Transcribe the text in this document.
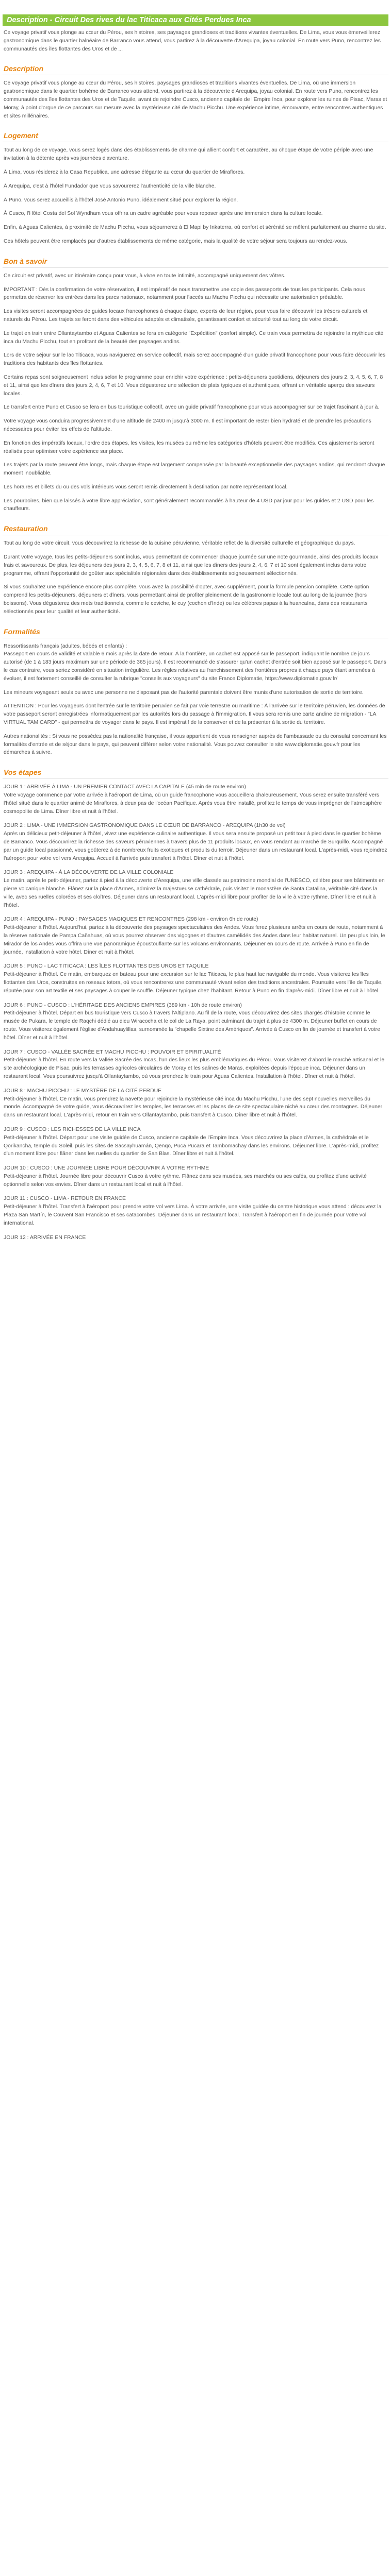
Description - Circuit Des rives du lac Titicaca aux Cités Perdues Inca

Ce voyage privatif vous plonge au cœur du Pérou, ses histoires, ses paysages grandioses et traditions vivantes éventuelles. De Lima, vous vous émerveillerez gastronomique dans le quartier balnéaire de Barranco vous attend, vous partirez à la découverte d'Arequipa, joyau colonial. En route vers Puno, rencontrez les communautés des îles flottantes des Uros et de ...

Description

Ce voyage privatif vous plonge au cœur du Pérou, ses histoires, paysages grandioses et traditions vivantes éventuelles. De Lima, où une immersion gastronomique dans le quartier bohème de Barranco vous attend, vous partirez à la découverte d'Arequipa, joyau colonial. En route vers Puno, rencontrez les communautés des îles flottantes des Uros et de Taquile, avant de rejoindre Cusco, ancienne capitale de l'Empire Inca, pour explorer les ruines de Pisac, Maras et Moray, à point d'orgue de ce parcours sur mesure avec la mystérieuse cité de Machu Picchu. Une expérience intime, émouvante, entre rencontres authentiques et sites millénaires.

Logement

Tout au long de ce voyage, vous serez logés dans des établissements de charme qui allient confort et caractère, au choque étape de votre périple avec une invitation à la détente après vos journées d'aventure.

À Lima, vous résiderez à la Casa Republica, une adresse élégante au cœur du quartier de Miraflores.

À Arequipa, c'est à l'hôtel Fundador que vous savourerez l'authenticité de la ville blanche.

À Puno, vous serez accueillis à l'hôtel José Antonio Puno, idéalement situé pour explorer la région.

À Cusco, l'Hôtel Costa del Sol Wyndham vous offrira un cadre agréable pour vous reposer après une immersion dans la culture locale.

Enfin, à Aguas Calientes, à proximité de Machu Picchu, vous séjournerez à El Mapi by Inkaterra, où confort et sérénité se mêlent parfaitement au charme du site.

Ces hôtels peuvent être remplacés par d'autres établissements de même catégorie, mais la qualité de votre séjour sera toujours au rendez-vous.

Bon à savoir

Ce circuit est privatif, avec un itinéraire conçu pour vous, à vivre en toute intimité, accompagné uniquement des vôtres.

IMPORTANT : Dès la confirmation de votre réservation, il est impératif de nous transmettre une copie des passeports de tous les participants. Cela nous permettra de réserver les entrées dans les parcs nationaux, notamment pour l'accès au Machu Picchu qui nécessite une autorisation préalable.

Les visites seront accompagnées de guides locaux francophones à chaque étape, experts de leur région, pour vous faire découvrir les trésors culturels et naturels du Pérou. Les trajets se feront dans des véhicules adaptés et climatisés, garantissant confort et sécurité tout au long de votre circuit.

Le trajet en train entre Ollantaytambo et Aguas Calientes se fera en catégorie "Expédition" (confort simple). Ce train vous permettra de rejoindre la mythique cité inca du Machu Picchu, tout en profitant de la beauté des paysages andins.

Lors de votre séjour sur le lac Titicaca, vous naviguerez en service collectif, mais serez accompagné d'un guide privatif francophone pour vous faire découvrir les traditions des habitants des îles flottantes.

Certains repas sont soigneusement inclus selon le programme pour enrichir votre expérience : petits-déjeuners quotidiens, déjeuners des jours 2, 3, 4, 5, 6, 7, 8 et 11, ainsi que les dîners des jours 2, 4, 6, 7 et 10. Vous dégusterez une sélection de plats typiques et authentiques, offrant un véritable aperçu des saveurs locales.

Le transfert entre Puno et Cusco se fera en bus touristique collectif, avec un guide privatif francophone pour vous accompagner sur ce trajet fascinant à jour à.

Votre voyage vous conduira progressivement d'une altitude de 2400 m jusqu'à 3000 m. Il est important de rester bien hydraté et de prendre les précautions nécessaires pour éviter les effets de l'altitude.

En fonction des impératifs locaux, l'ordre des étapes, les visites, les musées ou même les catégories d'hôtels peuvent être modifiés. Ces ajustements seront réalisés pour optimiser votre expérience sur place.

Les trajets par la route peuvent être longs, mais chaque étape est largement compensée par la beauté exceptionnelle des paysages andins, qui rendront chaque moment inoubliable.

Les horaires et billets du ou des vols intérieurs vous seront remis directement à destination par notre représentant local.

Les pourboires, bien que laissés à votre libre appréciation, sont généralement recommandés à hauteur de 4 USD par jour pour les guides et 2 USD pour les chauffeurs.

Restauration

Tout au long de votre circuit, vous découvrirez la richesse de la cuisine péruvienne, véritable reflet de la diversité culturelle et géographique du pays.

Durant votre voyage, tous les petits-déjeuners sont inclus, vous permettant de commencer chaque journée sur une note gourmande, ainsi des produits locaux frais et savoureux. De plus, les déjeuners des jours 2, 3, 4, 5, 6, 7, 8 et 11, ainsi que les dîners des jours 2, 4, 6, 7 et 10 sont également inclus dans votre programme, offrant l'opportunité de goûter aux spécialités régionales dans des établissements soigneusement sélectionnés.

Si vous souhaitez une expérience encore plus complète, vous avez la possibilité d'opter, avec supplément, pour la formule pension complète. Cette option comprend les petits-déjeuners, déjeuners et dîners, vous permettant ainsi de profiter pleinement de la gastronomie locale tout au long de la journée (hors boissons). Vous dégusterez des mets traditionnels, comme le ceviche, le cuy (cochon d'Inde) ou les célèbres papas à la huancaína, dans des restaurants sélectionnés pour leur qualité et leur authenticité.

Formalités

Ressortissants français (adultes, bébés et enfants) :
Passeport en cours de validité et valable 6 mois après la date de retour. À la frontière, un cachet est apposé sur le passeport, indiquant le nombre de jours autorisé (de 1 à 183 jours maximum sur une période de 365 jours). Il est recommandé de s'assurer qu'un cachet d'entrée soit bien apposé sur le passeport. Dans le cas contraire, vous seriez considéré en situation irrégulière. Les règles relatives au franchissement des frontières propres à chaque pays étant amenées à évoluer, il est fortement conseillé de consulter la rubrique "conseils aux voyageurs" du site France Diplomatie, https://www.diplomatie.gouv.fr/

Les mineurs voyageant seuls ou avec une personne ne disposant pas de l'autorité parentale doivent être munis d'une autorisation de sortie de territoire.

ATTENTION : Pour les voyageurs dont l'entrée sur le territoire peruvien se fait par voie terrestre ou maritime : À l'arrivée sur le territoire péruvien, les données de votre passeport seront enregistrées informatiquement par les autorités lors du passage à l'immigration. Il vous sera remis une carte andine de migration - "LA VIRTUAL TAM CARD" - qui permettra de voyager dans le pays. Il est impératif de la conserver et de la présenter à la sortie du territoire.

Autres nationalités : Si vous ne possédez pas la nationalité française, il vous appartient de vous renseigner auprès de l'ambassade ou du consulat concernant les formalités d'entrée et de séjour dans le pays, qui peuvent différer selon votre nationalité. Vous pouvez consulter le site www.diplomatie.gouv.fr pour les démarches à suivre.

Vos étapes
JOUR 1 : ARRIVÉE À LIMA - UN PREMIER CONTACT AVEC LA CAPITALE (45 min de route environ)
Votre voyage commence par votre arrivée à l'aéroport de Lima, où un guide francophone vous accueillera chaleureusement. Vous serez ensuite transféré vers l'hôtel situé dans le quartier animé de Miraflores, à deux pas de l'océan Pacifique. Après vous être installé, profitez le temps de vous imprégner de l'atmosphère cosmopolite de Lima. Dîner libre et nuit à l'hôtel.
JOUR 2 : LIMA - UNE IMMERSION GASTRONOMIQUE DANS LE CŒUR DE BARRANCO - AREQUIPA (1h30 de vol)
Après un délicieux petit-déjeuner à l'hôtel, vivez une expérience culinaire authentique. Il vous sera ensuite proposé un petit tour à pied dans le quartier bohème de Barranco. Vous découvrirez la richesse des saveurs péruviennes à travers plus de 11 produits locaux, en vous rendant au marché de Surquillo. Accompagné par un guide local passionné, vous goûterez à de nombreux fruits exotiques et produits du terroir. Déjeuner dans un restaurant local. L'après-midi, vous rejoindrez l'aéroport pour votre vol vers Arequipa. Accueil à l'arrivée puis transfert à l'hôtel. Dîner et nuit à l'hôtel.
JOUR 3 : AREQUIPA - À LA DÉCOUVERTE DE LA VILLE COLONIALE
Le matin, après le petit-déjeuner, partez à pied à la découverte d'Arequipa, une ville classée au patrimoine mondial de l'UNESCO, célèbre pour ses bâtiments en pierre volcanique blanche. Flânez sur la place d'Armes, admirez la majestueuse cathédrale, puis visitez le monastère de Santa Catalina, véritable cité dans la ville, avec ses ruelles colorées et ses cloîtres. Déjeuner dans un restaurant local. L'après-midi libre pour profiter de la ville à votre rythme. Dîner libre et nuit à l'hôtel.
JOUR 4 : AREQUIPA - PUNO : PAYSAGES MAGIQUES ET RENCONTRES (298 km - environ 6h de route)
Petit-déjeuner à l'hôtel. Aujourd'hui, partez à la découverte des paysages spectaculaires des Andes. Vous ferez plusieurs arrêts en cours de route, notamment à la réserve nationale de Pampa Cañahuas, où vous pourrez observer des vigognes et d'autres camélidés des Andes dans leur habitat naturel. Un peu plus loin, le Mirador de los Andes vous offrira une vue panoramique époustouflante sur les volcans environnants. Déjeuner en cours de route. Arrivée à Puno en fin de journée, installation à votre hôtel. Dîner et nuit à l'hôtel.
JOUR 5 : PUNO - LAC TITICACA : LES ÎLES FLOTTANTES DES UROS ET TAQUILE
Petit-déjeuner à l'hôtel. Ce matin, embarquez en bateau pour une excursion sur le lac Titicaca, le plus haut lac navigable du monde. Vous visiterez les îles flottantes des Uros, construites en roseaux totora, où vous rencontrerez une communauté vivant selon des traditions ancestrales. Poursuite vers l'île de Taquile, réputée pour son art textile et ses paysages à couper le souffle. Déjeuner typique chez l'habitant. Retour à Puno en fin d'après-midi. Dîner libre et nuit à l'hôtel.
JOUR 6 : PUNO - CUSCO : L'HÉRITAGE DES ANCIENS EMPIRES (389 km - 10h de route environ)
Petit-déjeuner à l'hôtel. Départ en bus touristique vers Cusco à travers l'Altiplano. Au fil de la route, vous découvrirez des sites chargés d'histoire comme le musée de Pukara, le temple de Raqchi dédié au dieu Wiracocha et le col de La Raya, point culminant du trajet à plus de 4300 m. Déjeuner buffet en cours de route. Vous visiterez également l'église d'Andahuaylillas, surnommée la "chapelle Sixtine des Amériques". Arrivée à Cusco en fin de journée et transfert à votre hôtel. Dîner et nuit à l'hôtel.
JOUR 7 : CUSCO - VALLÉE SACRÉE ET MACHU PICCHU : POUVOIR ET SPIRITUALITÉ
Petit-déjeuner à l'hôtel. En route vers la Vallée Sacrée des Incas, l'un des lieux les plus emblématiques du Pérou. Vous visiterez d'abord le marché artisanal et le site archéologique de Pisac, puis les terrasses agricoles circulaires de Moray et les salines de Maras, exploitées depuis l'époque inca. Déjeuner dans un restaurant local. Vous poursuivrez jusqu'à Ollantaytambo, où vous prendrez le train pour Aguas Calientes. Installation à l'hôtel. Dîner et nuit à l'hôtel.
JOUR 8 : MACHU PICCHU : LE MYSTÈRE DE LA CITÉ PERDUE
Petit-déjeuner à l'hôtel. Ce matin, vous prendrez la navette pour rejoindre la mystérieuse cité inca du Machu Picchu, l'une des sept nouvelles merveilles du monde. Accompagné de votre guide, vous découvrirez les temples, les terrasses et les places de ce site spectaculaire niché au cœur des montagnes. Déjeuner dans un restaurant local. L'après-midi, retour en train vers Ollantaytambo, puis transfert à Cusco. Dîner libre et nuit à l'hôtel.
JOUR 9 : CUSCO : LES RICHESSES DE LA VILLE INCA
Petit-déjeuner à l'hôtel. Départ pour une visite guidée de Cusco, ancienne capitale de l'Empire Inca. Vous découvrirez la place d'Armes, la cathédrale et le Qorikancha, temple du Soleil, puis les sites de Sacsayhuamán, Qenqo, Puca Pucara et Tambomachay dans les environs. Déjeuner libre. L'après-midi, profitez d'un moment libre pour flâner dans les ruelles du quartier de San Blas. Dîner libre et nuit à l'hôtel.
JOUR 10 : CUSCO : UNE JOURNÉE LIBRE POUR DÉCOUVRIR À VOTRE RYTHME
Petit-déjeuner à l'hôtel. Journée libre pour découvrir Cusco à votre rythme. Flânez dans ses musées, ses marchés ou ses cafés, ou profitez d'une activité optionnelle selon vos envies. Dîner dans un restaurant local et nuit à l'hôtel.
JOUR 11 : CUSCO - LIMA - RETOUR EN FRANCE
Petit-déjeuner à l'hôtel. Transfert à l'aéroport pour prendre votre vol vers Lima. À votre arrivée, une visite guidée du centre historique vous attend : découvrez la Plaza San Martín, le Couvent San Francisco et ses catacombes. Déjeuner dans un restaurant local. Transfert à l'aéroport en fin de journée pour votre vol international.
JOUR 12 : ARRIVÉE EN FRANCE
